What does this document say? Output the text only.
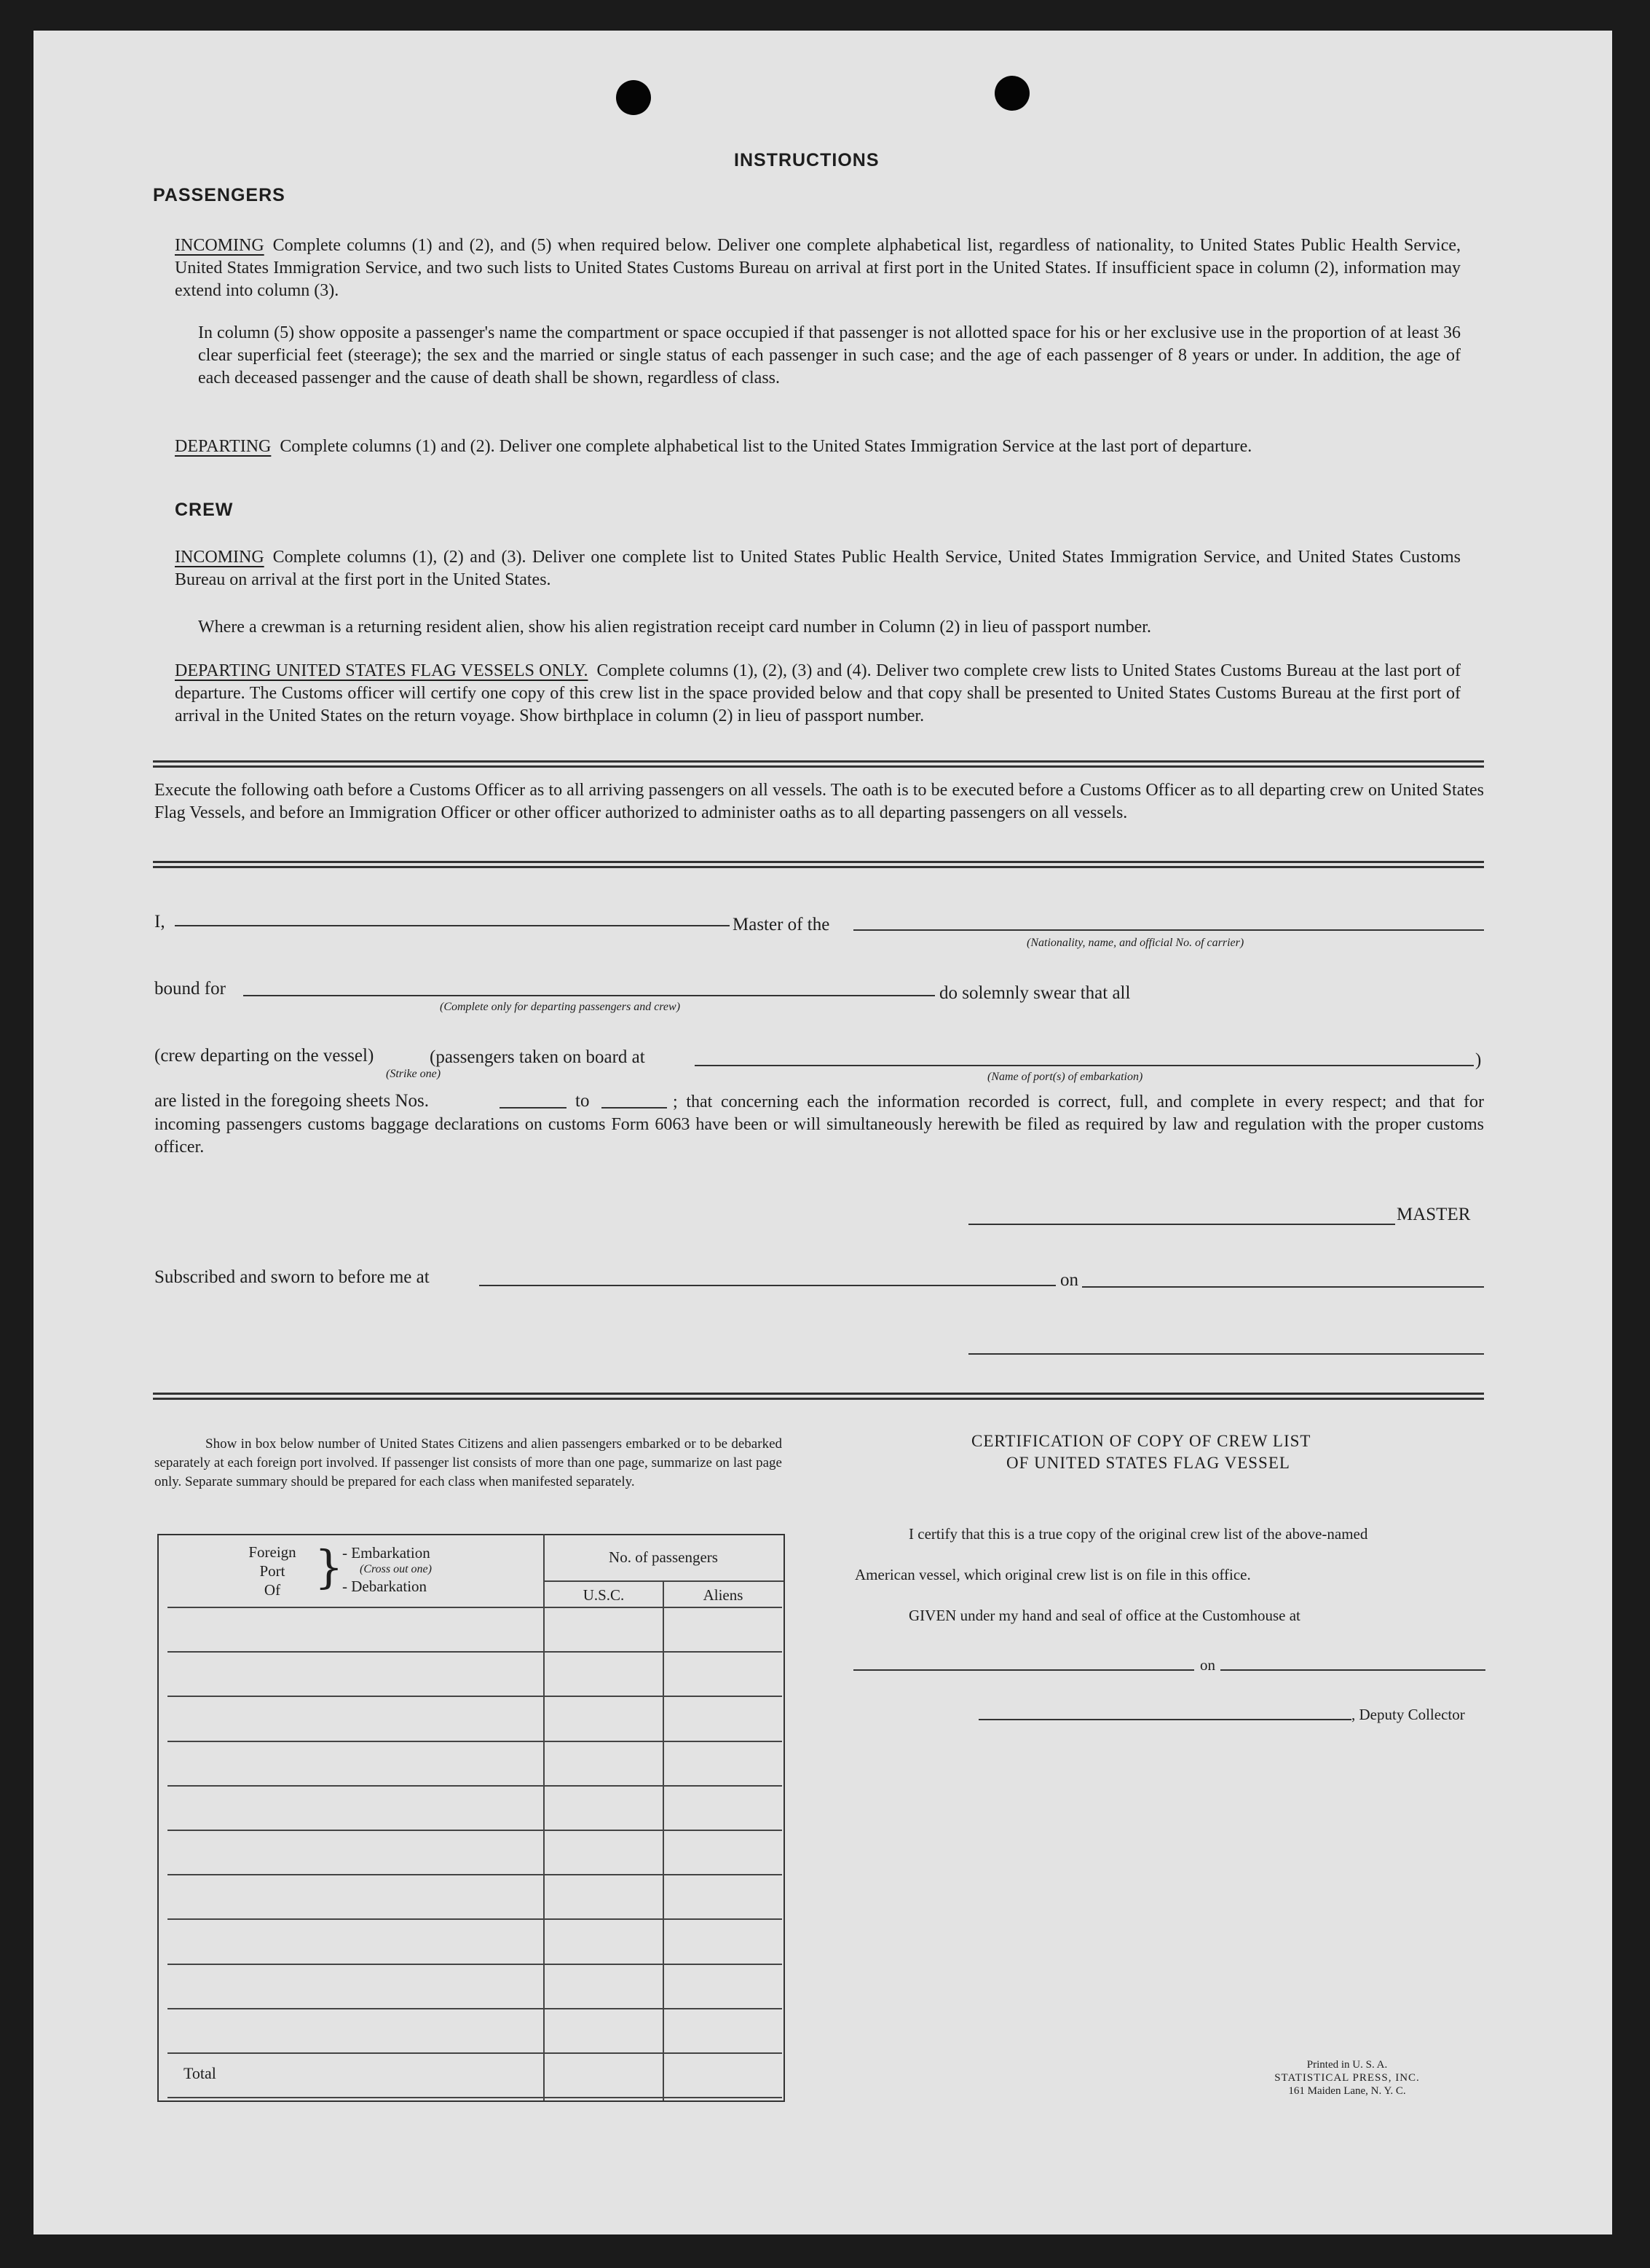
INSTRUCTIONS
PASSENGERS
INCOMING Complete columns (1) and (2), and (5) when required below. Deliver one complete alphabetical list, regardless of nationality, to United States Public Health Service, United States Immigration Service, and two such lists to United States Customs Bureau on arrival at first port in the United States. If insufficient space in column (2), information may extend into column (3).
In column (5) show opposite a passenger's name the compartment or space occupied if that passenger is not allotted space for his or her exclusive use in the proportion of at least 36 clear superficial feet (steerage); the sex and the married or single status of each passenger in such case; and the age of each passenger of 8 years or under. In addition, the age of each deceased passenger and the cause of death shall be shown, regardless of class.
DEPARTING Complete columns (1) and (2). Deliver one complete alphabetical list to the United States Immigration Service at the last port of departure.
CREW
INCOMING Complete columns (1), (2) and (3). Deliver one complete list to United States Public Health Service, United States Immigration Service, and United States Customs Bureau on arrival at the first port in the United States.
Where a crewman is a returning resident alien, show his alien registration receipt card number in Column (2) in lieu of passport number.
DEPARTING UNITED STATES FLAG VESSELS ONLY. Complete columns (1), (2), (3) and (4). Deliver two complete crew lists to United States Customs Bureau at the last port of departure. The Customs officer will certify one copy of this crew list in the space provided below and that copy shall be presented to United States Customs Bureau at the first port of arrival in the United States on the return voyage. Show birthplace in column (2) in lieu of passport number.
Execute the following oath before a Customs Officer as to all arriving passengers on all vessels. The oath is to be executed before a Customs Officer as to all departing crew on United States Flag Vessels, and before an Immigration Officer or other officer authorized to administer oaths as to all departing passengers on all vessels.
I,	Master of the
(Nationality, name, and official No. of carrier)
bound for
(Complete only for departing passengers and crew)
do solemnly swear that all
(crew departing on the vessel)
(Strike one)
(passengers taken on board at	)
(Name of port(s) of embarkation)
are listed in the foregoing sheets Nos.	to	; that concerning each the information recorded is correct, full, and complete in every respect; and that for incoming passengers customs baggage declarations on customs Form 6063 have been or will simultaneously herewith be filed as required by law and regulation with the proper customs officer.
MASTER
Subscribed and sworn to before me at	on
Show in box below number of United States Citizens and alien passengers embarked or to be debarked separately at each foreign port involved. If passenger list consists of more than one page, summarize on last page only. Separate summary should be prepared for each class when manifested separately.
Foreign
Port
Of }
- Embarkation
(Cross out one)
- Debarkation
No. of passengers
U.S.C.	Aliens
Total
CERTIFICATION OF COPY OF CREW LIST
OF UNITED STATES FLAG VESSEL
I certify that this is a true copy of the original crew list of the above-named
American vessel, which original crew list is on file in this office.
GIVEN under my hand and seal of office at the Customhouse at
on
, Deputy Collector
Printed in U. S. A.
STATISTICAL PRESS, INC.
161 Maiden Lane, N. Y. C.
